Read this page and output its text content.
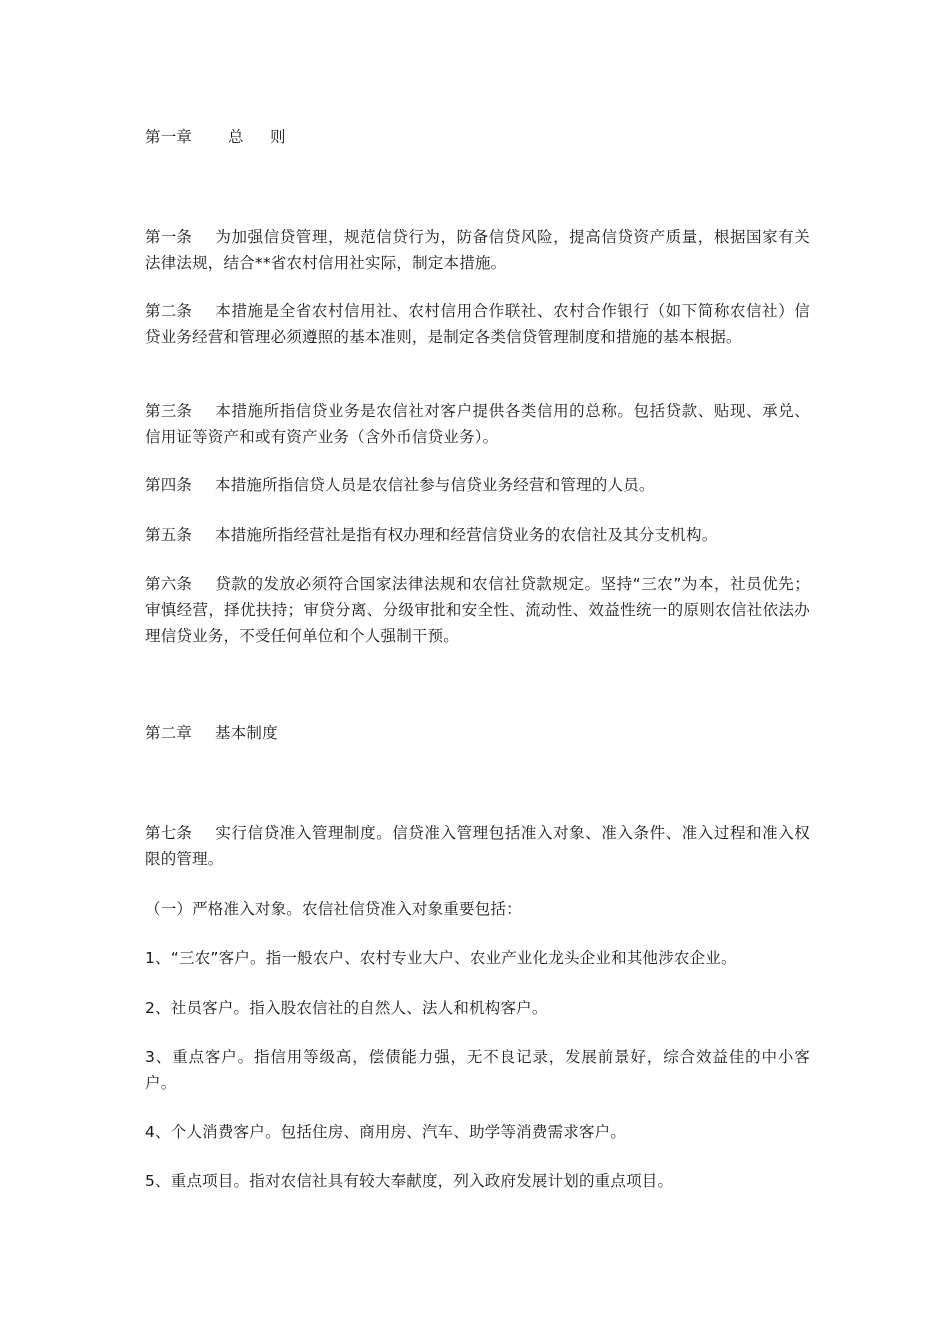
第一章 总 则
第一条 为加强信贷管理，规范信贷行为，防备信贷风险，提高信贷资产质量，根据国家有关法律法规，结合**省农村信用社实际，制定本措施。
第二条 本措施是全省农村信用社、农村信用合作联社、农村合作银行（如下简称农信社）信贷业务经营和管理必须遵照的基本准则，是制定各类信贷管理制度和措施的基本根据。
第三条 本措施所指信贷业务是农信社对客户提供各类信用的总称。包括贷款、贴现、承兑、信用证等资产和或有资产业务（含外币信贷业务）。
第四条 本措施所指信贷人员是农信社参与信贷业务经营和管理的人员。
第五条 本措施所指经营社是指有权办理和经营信贷业务的农信社及其分支机构。
第六条 贷款的发放必须符合国家法律法规和农信社贷款规定。坚持“三农”为本，社员优先；审慎经营，择优扶持；审贷分离、分级审批和安全性、流动性、效益性统一的原则农信社依法办理信贷业务，不受任何单位和个人强制干预。
第二章 基本制度
第七条 实行信贷准入管理制度。信贷准入管理包括准入对象、准入条件、准入过程和准入权限的管理。
（一）严格准入对象。农信社信贷准入对象重要包括：
1、“三农”客户。指一般农户、农村专业大户、农业产业化龙头企业和其他涉农企业。
2、社员客户。指入股农信社的自然人、法人和机构客户。
3、重点客户。指信用等级高，偿债能力强，无不良记录，发展前景好，综合效益佳的中小客户。
4、个人消费客户。包括住房、商用房、汽车、助学等消费需求客户。
5、重点项目。指对农信社具有较大奉献度，列入政府发展计划的重点项目。
